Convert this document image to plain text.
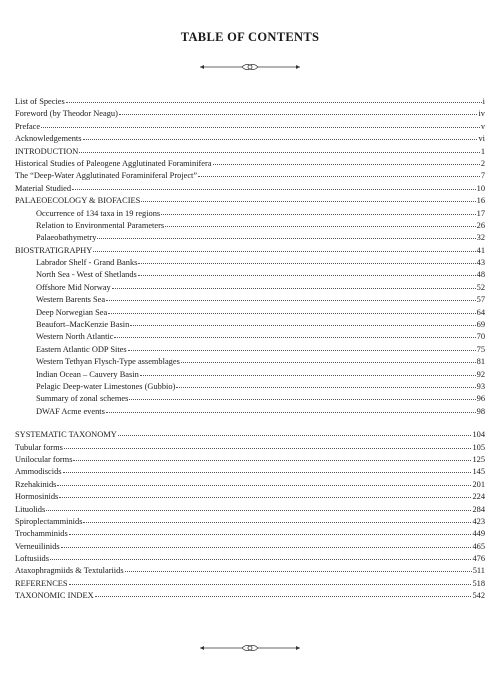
TABLE OF CONTENTS
List of Species	i
Foreword (by Theodor Neagu)	iv
Preface	v
Acknowledgements	vi
INTRODUCTION	1
Historical Studies of Paleogene Agglutinated Foraminifera	2
The “Deep-Water Agglutinated Foraminiferal Project”	7
Material Studied	10
PALAEOECOLOGY & BIOFACIES	16
Occurrence of 134 taxa in 19 regions	17
Relation to Environmental Parameters	26
Palaeobathymetry	32
BIOSTRATIGRAPHY	41
Labrador Shelf - Grand Banks	43
North Sea - West of Shetlands	48
Offshore Mid Norway	52
Western Barents Sea	57
Deep Norwegian Sea	64
Beaufort–MacKenzie Basin	69
Western North Atlantic	70
Eastern Atlantic ODP Sites	75
Western Tethyan Flysch-Type assemblages	81
Indian Ocean – Cauvery Basin	92
Pelagic Deep-water Limestones (Gubbio)	93
Summary of zonal schemes	96
DWAF Acme events	98
SYSTEMATIC TAXONOMY	104
Tubular forms	105
Unilocular forms	125
Ammodiscids	145
Rzehakinids	201
Hormosinids	224
Lituolids	284
Spiroplectamminids	423
Trochamminids	449
Verneuilinids	465
Loftusiids	476
Ataxophragmiids & Textulariids	511
REFERENCES	518
TAXONOMIC INDEX	542
